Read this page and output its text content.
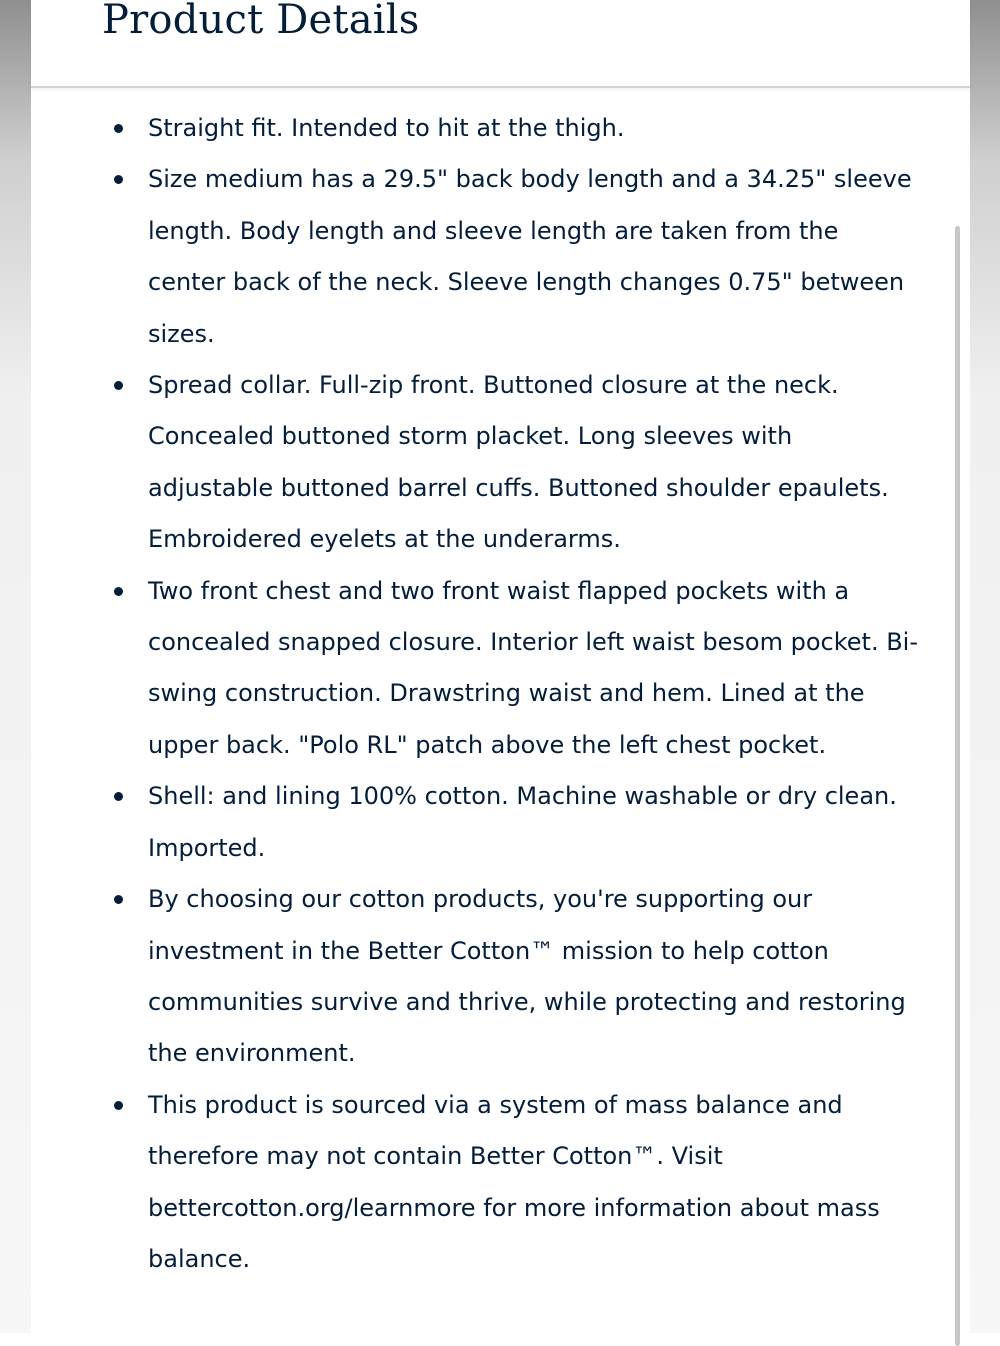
Product Details
Straight fit. Intended to hit at the thigh.
Size medium has a 29.5" back body length and a 34.25" sleeve length. Body length and sleeve length are taken from the center back of the neck. Sleeve length changes 0.75" between sizes.
Spread collar. Full-zip front. Buttoned closure at the neck. Concealed buttoned storm placket. Long sleeves with adjustable buttoned barrel cuffs. Buttoned shoulder epaulets. Embroidered eyelets at the underarms.
Two front chest and two front waist flapped pockets with a concealed snapped closure. Interior left waist besom pocket. Bi-swing construction. Drawstring waist and hem. Lined at the upper back. "Polo RL" patch above the left chest pocket.
Shell: and lining 100% cotton. Machine washable or dry clean. Imported.
By choosing our cotton products, you're supporting our investment in the Better Cotton™ mission to help cotton communities survive and thrive, while protecting and restoring the environment.
This product is sourced via a system of mass balance and therefore may not contain Better Cotton™. Visit bettercotton.org/learnmore for more information about mass balance.
